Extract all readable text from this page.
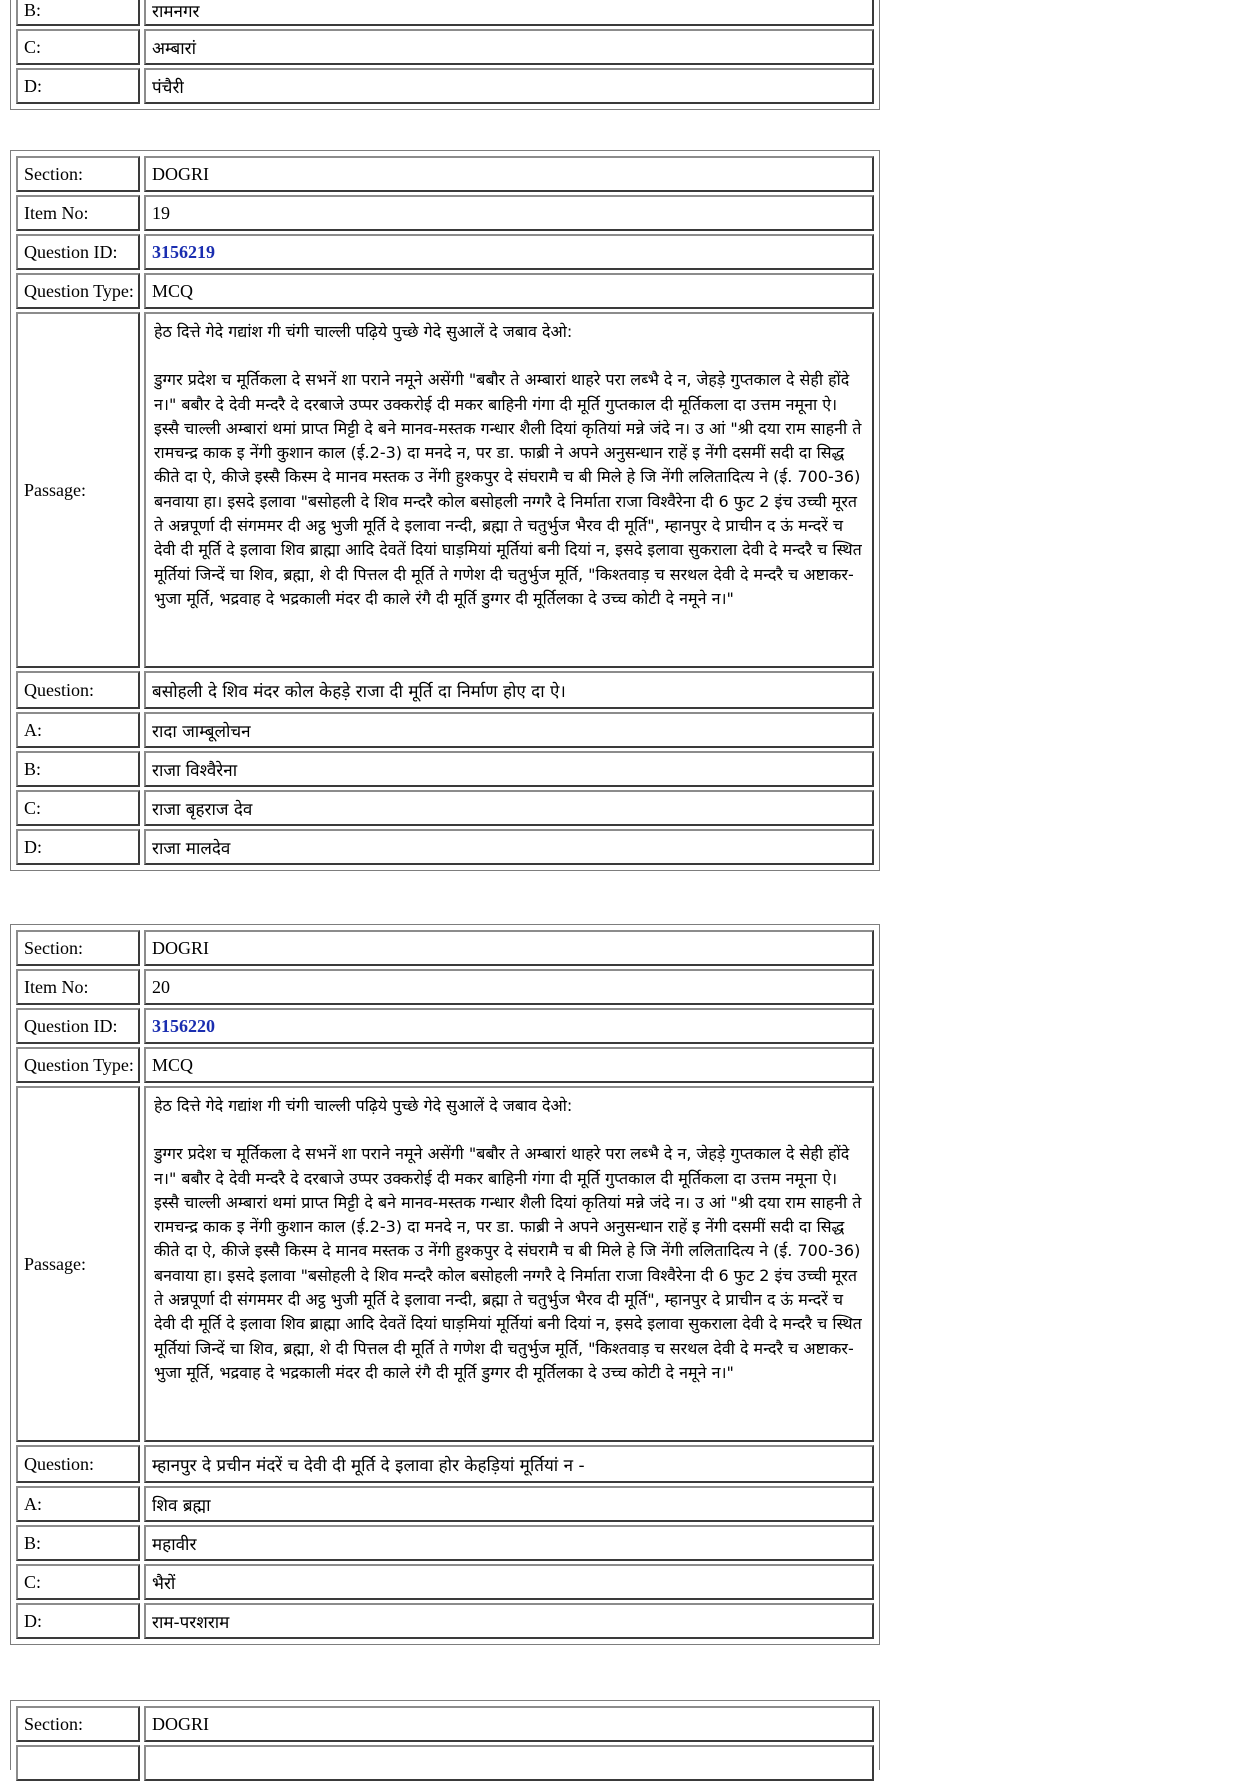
B:	रामनगर
C:	अम्बारां
D:	पंचैरी
Section:	DOGRI
Item No:	19
Question ID:	3156219
Question Type:	MCQ
Passage:

हेठ दित्ते गेदे गद्यांश गी चंगी चाल्ली पढ़िये पुच्छे गेदे सुआलें दे जबाव देओ:

डुग्गर प्रदेश च मूर्तिकला दे सभनें शा पराने नमूने असेंगी "बबौर ते अम्बारां थाहरे परा लब्भै दे न, जेहड़े गुप्तकाल दे सेही होंदे न।" बबौर दे देवी मन्दरै दे दरबाजे उप्पर उक्करोई दी मकर बाहिनी गंगा दी मूर्ति गुप्तकाल दी मूर्तिकला दा उत्तम नमूना ऐ। इस्सै चाल्ली अम्बारां थमां प्राप्त मिट्टी दे बने मानव-मस्तक गन्धार शैली दियां कृतियां मन्ने जंदे न। उ आं "श्री दया राम साहनी ते रामचन्द्र काक इ नेंगी कुशान काल (ई.2-3) दा मनदे न, पर डा. फाब्री ने अपने अनुसन्धान राहें इ नेंगी दसमीं सदी दा सिद्ध कीते दा ऐ, कीजे इस्सै किस्म दे मानव मस्तक उ नेंगी हुश्कपुर दे संघरामै च बी मिले हे जि नेंगी ललितादित्य ने (ई. 700-36) बनवाया हा। इसदे इलावा "बसोहली दे शिव मन्दरै कोल बसोहली नग्गरै दे निर्माता राजा विश्वैरेना दी 6 फुट 2 इंच उच्ची मूरत ते अन्नपूर्णा दी संगममर दी अट्ठ भुजी मूर्ति दे इलावा नन्दी, ब्रह्मा ते चतुर्भुज भैरव दी मूर्ति", म्हानपुर दे प्राचीन द ऊं मन्दरें च देवी दी मूर्ति दे इलावा शिव ब्राह्मा आदि देवतें दियां घाड़मियां मूर्तियां बनी दियां न, इसदे इलावा सुकराला देवी दे मन्दरै च स्थित मूर्तियां जिन्दें चा शिव, ब्रह्मा, शे दी पित्तल दी मूर्ति ते गणेश दी चतुर्भुज मूर्ति, "किश्तवाड़ च सरथल देवी दे मन्दरै च अष्टाकर-भुजा मूर्ति, भद्रवाह दे भद्रकाली मंदर दी काले रंगै दी मूर्ति डुग्गर दी मूर्तिलका दे उच्च कोटी दे नमूने न।"

Question:	बसोहली दे शिव मंदर कोल केहड़े राजा दी मूर्ति दा निर्माण होए दा ऐ।
A:	रादा जाम्बूलोचन
B:	राजा विश्वैरेना
C:	राजा बृहराज देव
D:	राजा मालदेव
Section:	DOGRI
Item No:	20
Question ID:	3156220
Question Type:	MCQ
Passage:

हेठ दित्ते गेदे गद्यांश गी चंगी चाल्ली पढ़िये पुच्छे गेदे सुआलें दे जबाव देओ:

डुग्गर प्रदेश च मूर्तिकला दे सभनें शा पराने नमूने असेंगी "बबौर ते अम्बारां थाहरे परा लब्भै दे न, जेहड़े गुप्तकाल दे सेही होंदे न।" बबौर दे देवी मन्दरै दे दरबाजे उप्पर उक्करोई दी मकर बाहिनी गंगा दी मूर्ति गुप्तकाल दी मूर्तिकला दा उत्तम नमूना ऐ। इस्सै चाल्ली अम्बारां थमां प्राप्त मिट्टी दे बने मानव-मस्तक गन्धार शैली दियां कृतियां मन्ने जंदे न। उ आं "श्री दया राम साहनी ते रामचन्द्र काक इ नेंगी कुशान काल (ई.2-3) दा मनदे न, पर डा. फाब्री ने अपने अनुसन्धान राहें इ नेंगी दसमीं सदी दा सिद्ध कीते दा ऐ, कीजे इस्सै किस्म दे मानव मस्तक उ नेंगी हुश्कपुर दे संघरामै च बी मिले हे जि नेंगी ललितादित्य ने (ई. 700-36) बनवाया हा। इसदे इलावा "बसोहली दे शिव मन्दरै कोल बसोहली नग्गरै दे निर्माता राजा विश्वैरेना दी 6 फुट 2 इंच उच्ची मूरत ते अन्नपूर्णा दी संगममर दी अट्ठ भुजी मूर्ति दे इलावा नन्दी, ब्रह्मा ते चतुर्भुज भैरव दी मूर्ति", म्हानपुर दे प्राचीन द ऊं मन्दरें च देवी दी मूर्ति दे इलावा शिव ब्राह्मा आदि देवतें दियां घाड़मियां मूर्तियां बनी दियां न, इसदे इलावा सुकराला देवी दे मन्दरै च स्थित मूर्तियां जिन्दें चा शिव, ब्रह्मा, शे दी पित्तल दी मूर्ति ते गणेश दी चतुर्भुज मूर्ति, "किश्तवाड़ च सरथल देवी दे मन्दरै च अष्टाकर-भुजा मूर्ति, भद्रवाह दे भद्रकाली मंदर दी काले रंगै दी मूर्ति डुग्गर दी मूर्तिलका दे उच्च कोटी दे नमूने न।"

Question:	म्हानपुर दे प्रचीन मंदरें च देवी दी मूर्ति दे इलावा होर केहड़ियां मूर्तियां न -
A:	शिव ब्रह्मा
B:	महावीर
C:	भैरों
D:	राम-परशराम
Section:	DOGRI
